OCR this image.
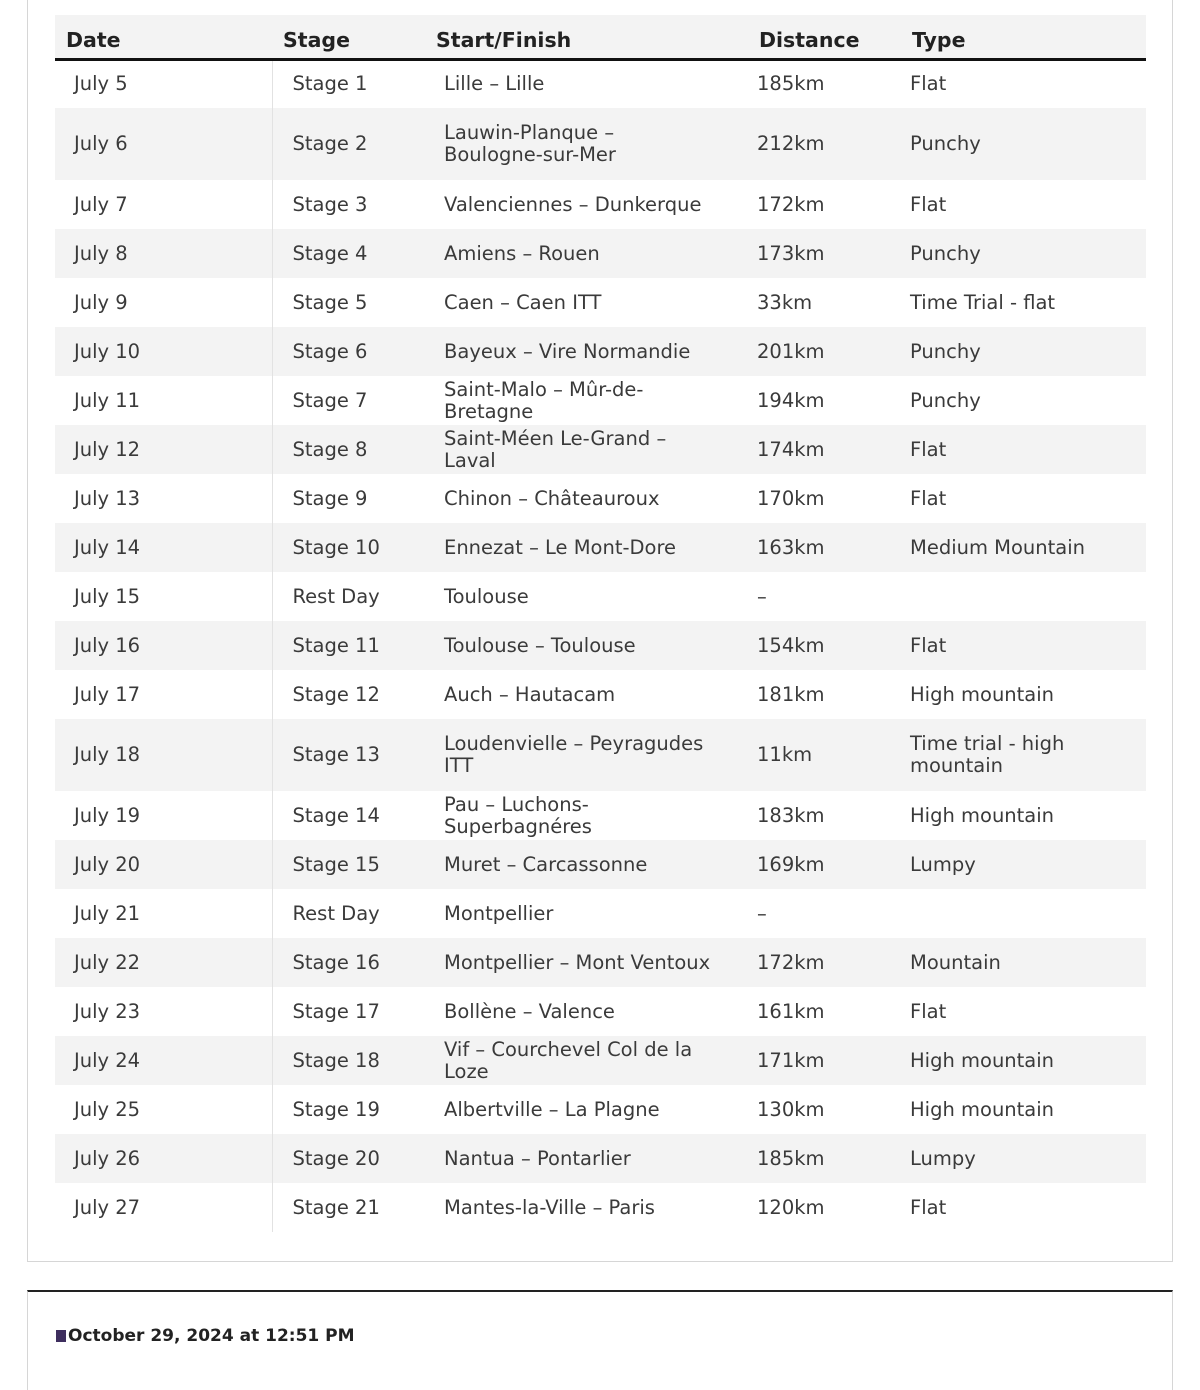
Date	Stage	Start/Finish	Distance	Type
July 5	Stage 1	Lille – Lille	185km	Flat
July 6	Stage 2	Lauwin-Planque – Boulogne-sur-Mer	212km	Punchy
July 7	Stage 3	Valenciennes – Dunkerque	172km	Flat
July 8	Stage 4	Amiens – Rouen	173km	Punchy
July 9	Stage 5	Caen – Caen ITT	33km	Time Trial - flat
July 10	Stage 6	Bayeux – Vire Normandie	201km	Punchy
July 11	Stage 7	Saint-Malo – Mûr-de-Bretagne	194km	Punchy
July 12	Stage 8	Saint-Méen Le-Grand – Laval	174km	Flat
July 13	Stage 9	Chinon – Châteauroux	170km	Flat
July 14	Stage 10	Ennezat – Le Mont-Dore	163km	Medium Mountain
July 15	Rest Day	Toulouse	–	
July 16	Stage 11	Toulouse – Toulouse	154km	Flat
July 17	Stage 12	Auch – Hautacam	181km	High mountain
July 18	Stage 13	Loudenvielle – Peyragudes ITT	11km	Time trial - high mountain
July 19	Stage 14	Pau – Luchons-Superbagnéres	183km	High mountain
July 20	Stage 15	Muret – Carcassonne	169km	Lumpy
July 21	Rest Day	Montpellier	–	
July 22	Stage 16	Montpellier – Mont Ventoux	172km	Mountain
July 23	Stage 17	Bollène – Valence	161km	Flat
July 24	Stage 18	Vif – Courchevel Col de la Loze	171km	High mountain
July 25	Stage 19	Albertville – La Plagne	130km	High mountain
July 26	Stage 20	Nantua – Pontarlier	185km	Lumpy
July 27	Stage 21	Mantes-la-Ville – Paris	120km	Flat
October 29, 2024 at 12:51 PM
